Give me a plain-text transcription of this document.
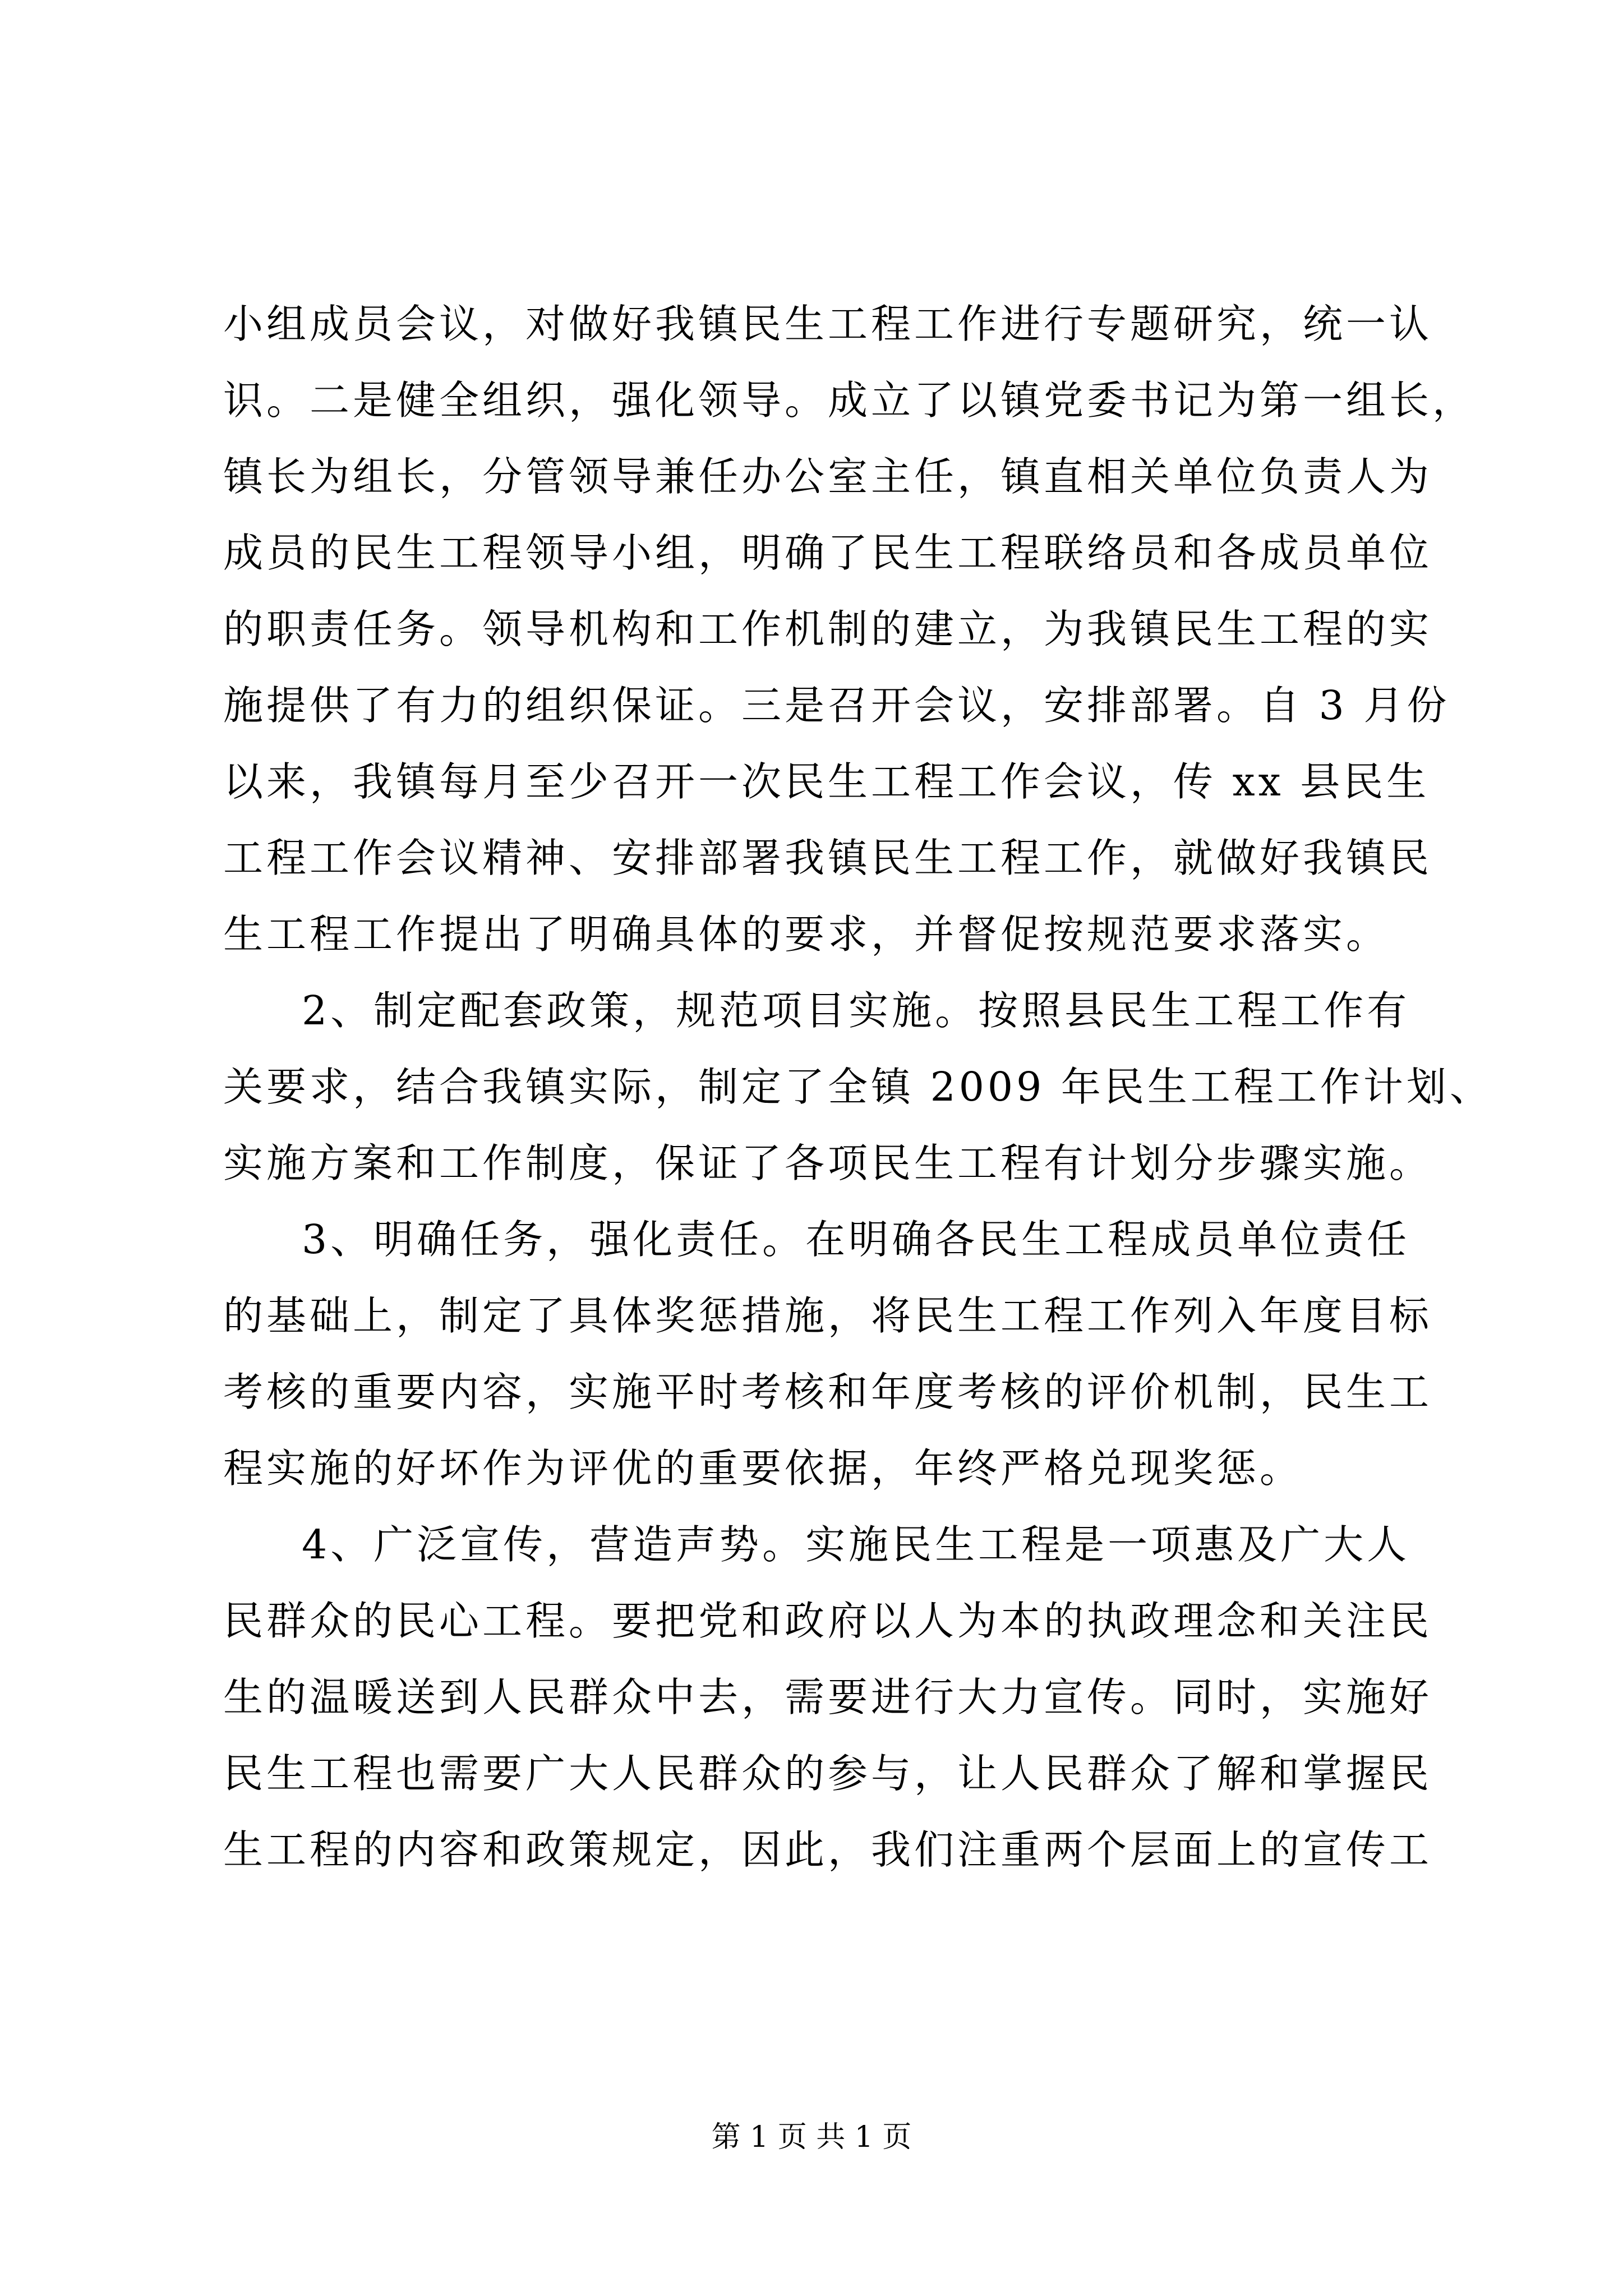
小组成员会议，对做好我镇民生工程工作进行专题研究，统一认
识。二是健全组织，强化领导。成立了以镇党委书记为第一组长，
镇长为组长，分管领导兼任办公室主任，镇直相关单位负责人为
成员的民生工程领导小组，明确了民生工程联络员和各成员单位
的职责任务。领导机构和工作机制的建立，为我镇民生工程的实
施提供了有力的组织保证。三是召开会议，安排部署。自 3 月份
以来，我镇每月至少召开一次民生工程工作会议，传 xx 县民生
工程工作会议精神、安排部署我镇民生工程工作，就做好我镇民
生工程工作提出了明确具体的要求，并督促按规范要求落实。
2、制定配套政策，规范项目实施。按照县民生工程工作有
关要求，结合我镇实际，制定了全镇 2009 年民生工程工作计划、
实施方案和工作制度，保证了各项民生工程有计划分步骤实施。
3、明确任务，强化责任。在明确各民生工程成员单位责任
的基础上，制定了具体奖惩措施，将民生工程工作列入年度目标
考核的重要内容，实施平时考核和年度考核的评价机制，民生工
程实施的好坏作为评优的重要依据，年终严格兑现奖惩。
4、广泛宣传，营造声势。实施民生工程是一项惠及广大人
民群众的民心工程。要把党和政府以人为本的执政理念和关注民
生的温暖送到人民群众中去，需要进行大力宣传。同时，实施好
民生工程也需要广大人民群众的参与，让人民群众了解和掌握民
生工程的内容和政策规定，因此，我们注重两个层面上的宣传工
第 1 页 共 1 页
